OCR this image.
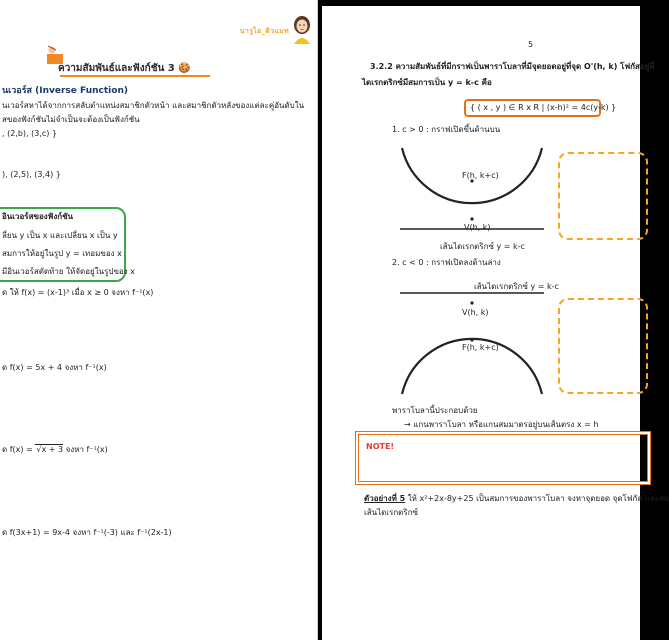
นารูไอ_ติวแมท
ความสัมพันธ์และฟังก์ชัน 3 🍪
นเวอร์ส (Inverse Function)
นเวอร์สหาได้จากการสลับตำแหน่งสมาชิกตัวหน้า และสมาชิกตัวหลังของแต่ละคู่อันดับใน
สของฟังก์ชันไม่จำเป็นจะต้องเป็นฟังก์ชัน
, (2,b), (3,c) }
), (2,5), (3,4) }
อินเวอร์สของฟังก์ชัน
ลี่ยน y เป็น x และเปลี่ยน x เป็น y
สมการให้อยู่ในรูป y = เทอมของ x
มีอินเวอร์สตัดท้าย ให้จัดอยู่ในรูปของ x
ด ให้ f(x) = (x-1)³ เมื่อ x ≥ 0 จงหา f⁻¹(x)
ด f(x) = 5x + 4 จงหา f⁻¹(x)
ด f(x) = √x + 3 จงหา f⁻¹(x)
ด f(3x+1) = 9x-4 จงหา f⁻¹(-3) และ f⁻¹(2x-1)
5
3.2.2 ความสัมพันธ์ที่มีกราฟเป็นพาราโบลาที่มีจุดยอดอยู่ที่จุด O'(h, k) โฟกัสอยู่ที่
ไดเรกตริกซ์มีสมการเป็น y = k-c คือ
{ ( x , y ) ∈ R x R | (x-h)² = 4c(y-k) }
1. c > 0 : กราฟเปิดขึ้นด้านบน
F(h, k+c)
V(h, k)
เส้นไดเรกตริกซ์ y = k-c
2. c < 0 : กราฟเปิดลงด้านล่าง
เส้นไดเรกตริกซ์ y = k-c
V(h, k)
F(h, k+c)
พาราโบลานี้ประกอบด้วย
→ แกนพาราโบลา หรือแกนสมมาตรอยู่บนเส้นตรง x = h
NOTE!
ตัวอย่างที่ 5 ให้ x²+2x-8y+25 เป็นสมการของพาราโบลา จงหาจุดยอด จุดโฟกัส และสม
เส้นไดเรกตริกซ์
